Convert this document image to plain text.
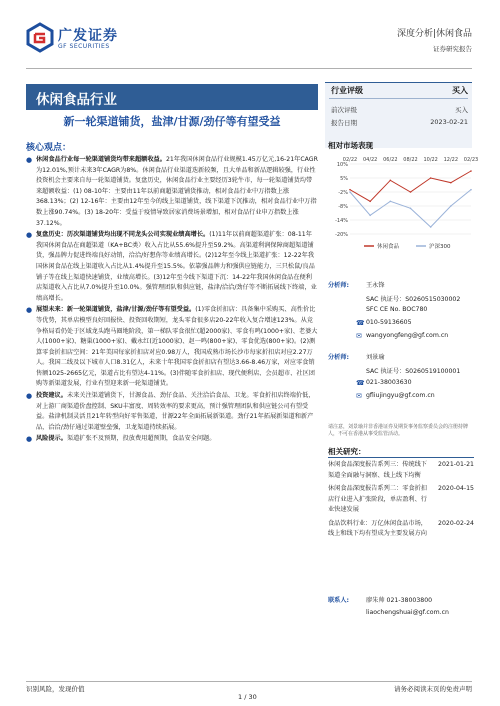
广发证券
GF SECURITIES
深度分析|休闲食品
证券研究报告
休闲食品行业
新一轮渠道铺货，盐津/甘源/劲仔等有望受益
核心观点：
● 休闲食品行业每一轮渠道铺货均带来超额收益。21年我国休闲食品行业规模1.45万亿元,16-21年CAGR为12.01%,预计未来3年CAGR为8%。休闲食品行业渠道迭新较频，且大单品和新品逻辑较强，行业性投资机会主要来自每一轮渠道铺货。复盘历史，休闲食品行业主要经历3轮牛市，每一轮渠道铺货均带来超额收益：(1) 08-10年：主要由11年以前商超渠道铺货推动，相对食品行业中万指数上涨368.13%；(2) 12-16年：主要由12年至今的线上渠道铺货，线下渠道下沉推动，相对食品行业中万指数上涨90.74%。(3) 18-20年：受益于疫情导致居家消费场景增加，相对食品行业申万指数上涨37.12%。
● 复盘历史：历次渠道铺货均出现不同龙头公司实现业绩高增长。(1)11年以前商超渠道扩张：08-11年我国休闲食品在商超渠道（KA+BC类）收入占比从55.6%提升至59.2%。高渠道利润保障商超渠道铺货，强品牌力促进终端良好动销，洽洽/好想你等业绩高增长。(2)12年至今线上渠道扩张：12-22年我国休闲食品在线上渠道收入占比从1.4%提升至15.5%。依靠强品牌力和强供应链能力，三只松鼠/良品铺子等在线上渠道快速铺货，业绩高增长。(3)12年至今线下渠道下沉：14-22年我国休闲食品在便利店渠道收入占比从7.0%提升至10.0%。强管理团队和供应链，盐津/洽洽/劲仔等不断拓展线下终端，业绩高增长。
● 展望未来：新一轮渠道铺货，盐津/甘源/劲仔等有望受益。(1)零食折扣店：具备集中采购买、高性价比等优势，其单店模型良好回报快、投资回收期短，龙头零食很多店20-22年收入复合增速123%。从竞争格局看仍处于区域龙头跑马圈地阶段，第一梯队零食很忙(超2000家)、零食有鸣(1000+家)、老婆大人(1000+家)、糖巢(1000+家)、戴永红(近1000家)、赵一鸣(800+家)、零食优选(800+家)。(2)测算零食折扣店空间：21年美国每家折扣店对应0.98万人，我国成熟市场长沙市每家折扣店对应2.27万人。我国二线及以下城市人口8.31亿人，未来十年我国零食折扣店有望达3.66-8.46万家，对应零食销售额1025-2665亿元，渠道占比有望达4-11%。(3)伴随零食折扣店、现代便利店、会员超市、社区团购等新渠道发展，行业有望迎来新一轮渠道铺货。
● 投资建议。未来关注渠道铺货下，甘源食品、劲仔食品、关注洽洽食品、卫龙。零食折扣店终端价低，对上游厂商渠道价盘控制、SKU丰富度、周转效率的要求更高，预计强管理团队和供应链公司有望受益。盐津机制灵活且21年转型向好零售渠道，甘源22年全面拓展新渠道。劲仔21年拓展新渠道和新产品，洽洽/劲仔通过渠道壁垒强，卫龙渠道持续拓展。
● 风险提示。渠道扩张不及预期，投放费用超预期，食品安全问题。
行业评级	买入
前次评级	买入
报告日期	2023-02-21
相对市场表现
10%
5%
-2%
-8%
-14%
-20%
02/22 04/22 06/22 08/22 10/22 12/22 02/23
休闲食品	沪深300
分析师:	王永锋
SAC 执证号：S0260515030002
SFC CE No. BOC780
☎ 010-59136605
✉ wangyongfeng@gf.com.cn
分析师:	刘景瑜
SAC 执证号：S0260519100001
☎ 021-38003630
✉ gfliujingyu@gf.com.cn
请注意，刘景瑜并非香港证券及期货事务监察委员会的注册持牌人，不可在香港从事受监管活动。
相关研究：
休闲食品深度报告系列三：传统线下渠道全面融与洞察、线上线下均衡
2021-01-21
休闲食品深度报告系列二：零食折扣店行业进入扩张阶段，单店盈利、行业快速发展
2020-04-15
食品饮料行业：万亿休闲食品市场，线上和线下均有望成为主要发展方向
2020-02-24
联系人:	廖朱帅 021-38003800
liaochengshuai@gf.com.cn
识别风险，发现价值
1 / 30
请务必阅读末页的免责声明
